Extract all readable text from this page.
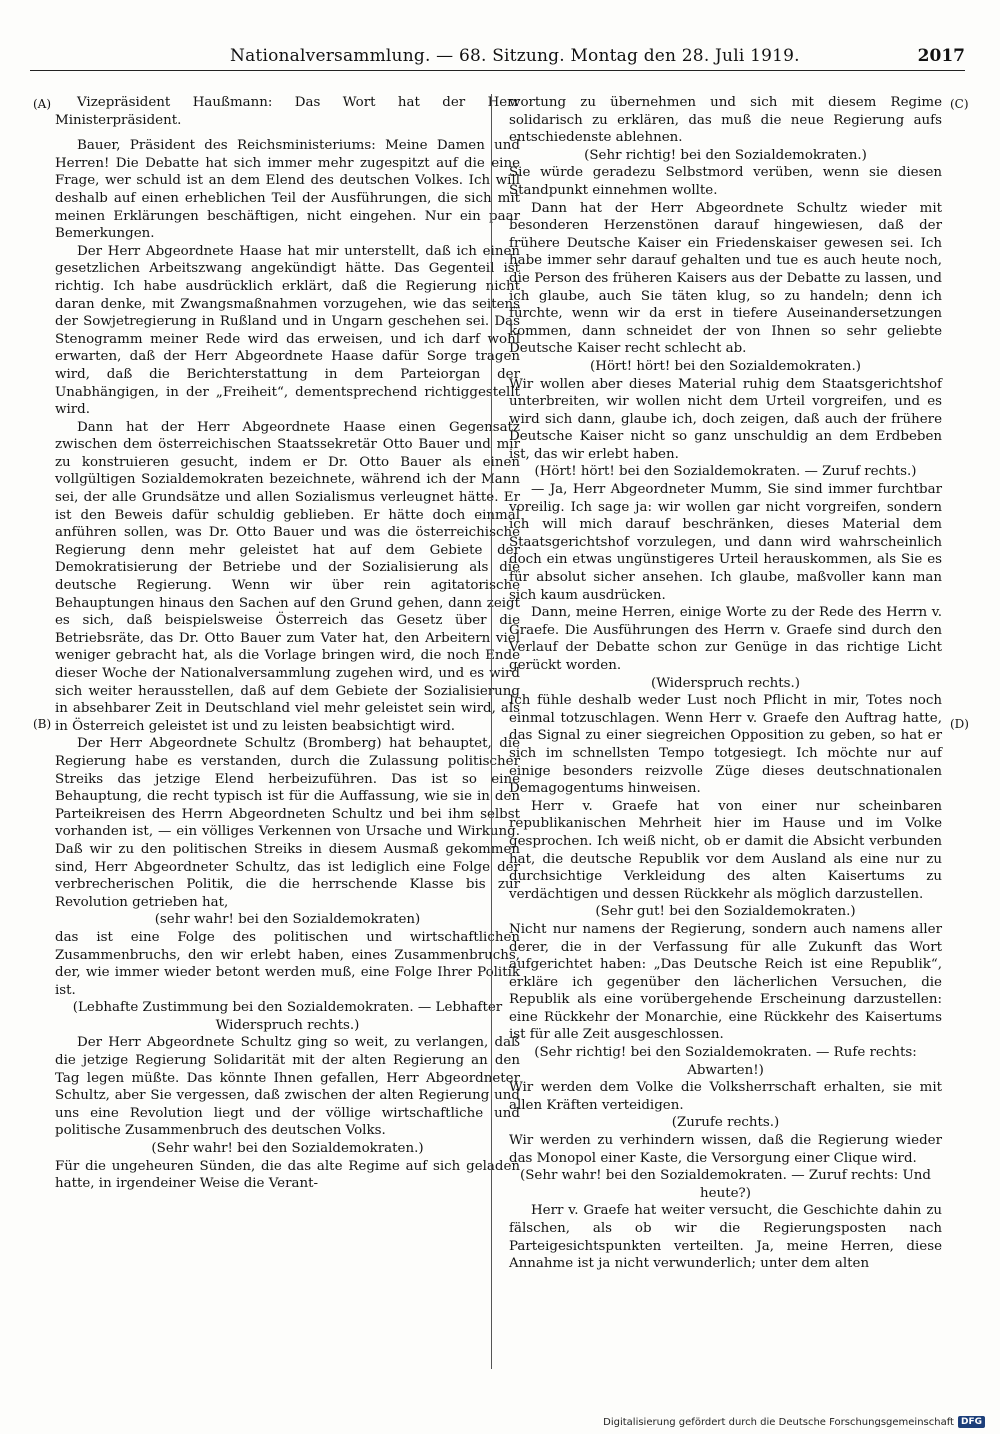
Nationalversammlung. — 68. Sitzung. Montag den 28. Juli 1919.	2017
(A)
(B)
(C)
(D)

Vizepräsident Haußmann: Das Wort hat der Herr Ministerpräsident.

Bauer, Präsident des Reichsministeriums: Meine Damen und Herren! Die Debatte hat sich immer mehr zugespitzt auf die eine Frage, wer schuld ist an dem Elend des deutschen Volkes. Ich will deshalb auf einen erheblichen Teil der Ausführungen, die sich mit meinen Erklärungen beschäftigen, nicht eingehen. Nur ein paar Bemerkungen.

Der Herr Abgeordnete Haase hat mir unterstellt, daß ich einen gesetzlichen Arbeitszwang angekündigt hätte. Das Gegenteil ist richtig. Ich habe ausdrücklich erklärt, daß die Regierung nicht daran denke, mit Zwangsmaßnahmen vorzugehen, wie das seitens der Sowjetregierung in Rußland und in Ungarn geschehen sei. Das Stenogramm meiner Rede wird das erweisen, und ich darf wohl erwarten, daß der Herr Abgeordnete Haase dafür Sorge tragen wird, daß die Berichterstattung in dem Parteiorgan der Unabhängigen, in der „Freiheit“, dementsprechend richtiggestellt wird.

Dann hat der Herr Abgeordnete Haase einen Gegensatz zwischen dem österreichischen Staatssekretär Otto Bauer und mir zu konstruieren gesucht, indem er Dr. Otto Bauer als einen vollgültigen Sozialdemokraten bezeichnete, während ich der Mann sei, der alle Grundsätze und allen Sozialismus verleugnet hätte. Er ist den Beweis dafür schuldig geblieben. Er hätte doch einmal anführen sollen, was Dr. Otto Bauer und was die österreichische Regierung denn mehr geleistet hat auf dem Gebiete der Demokratisierung der Betriebe und der Sozialisierung als die deutsche Regierung. Wenn wir über rein agitatorische Behauptungen hinaus den Sachen auf den Grund gehen, dann zeigt es sich, daß beispielsweise Österreich das Gesetz über die Betriebsräte, das Dr. Otto Bauer zum Vater hat, den Arbeitern viel weniger gebracht hat, als die Vorlage bringen wird, die noch Ende dieser Woche der Nationalversammlung zugehen wird, und es wird sich weiter herausstellen, daß auf dem Gebiete der Sozialisierung in absehbarer Zeit in Deutschland viel mehr geleistet sein wird, als in Österreich geleistet ist und zu leisten beabsichtigt wird.

Der Herr Abgeordnete Schultz (Bromberg) hat behauptet, die Regierung habe es verstanden, durch die Zulassung politischer Streiks das jetzige Elend herbeizuführen. Das ist so eine Behauptung, die recht typisch ist für die Auffassung, wie sie in den Parteikreisen des Herrn Abgeordneten Schultz und bei ihm selbst vorhanden ist, — ein völliges Verkennen von Ursache und Wirkung. Daß wir zu den politischen Streiks in diesem Ausmaß gekommen sind, Herr Abgeordneter Schultz, das ist lediglich eine Folge der verbrecherischen Politik, die die herrschende Klasse bis zur Revolution getrieben hat,

(sehr wahr! bei den Sozialdemokraten)

das ist eine Folge des politischen und wirtschaftlichen Zusammenbruchs, den wir erlebt haben, eines Zusammenbruchs, der, wie immer wieder betont werden muß, eine Folge Ihrer Politik ist.

(Lebhafte Zustimmung bei den Sozialdemokraten. — Lebhafter Widerspruch rechts.)

Der Herr Abgeordnete Schultz ging so weit, zu verlangen, daß die jetzige Regierung Solidarität mit der alten Regierung an den Tag legen müßte. Das könnte Ihnen gefallen, Herr Abgeordneter Schultz, aber Sie vergessen, daß zwischen der alten Regierung und uns eine Revolution liegt und der völlige wirtschaftliche und politische Zusammenbruch des deutschen Volks.

(Sehr wahr! bei den Sozialdemokraten.)

Für die ungeheuren Sünden, die das alte Regime auf sich geladen hatte, in irgendeiner Weise die Verant-

wortung zu übernehmen und sich mit diesem Regime solidarisch zu erklären, das muß die neue Regierung aufs entschiedenste ablehnen.

(Sehr richtig! bei den Sozialdemokraten.)

Sie würde geradezu Selbstmord verüben, wenn sie diesen Standpunkt einnehmen wollte.

Dann hat der Herr Abgeordnete Schultz wieder mit besonderen Herzenstönen darauf hingewiesen, daß der frühere Deutsche Kaiser ein Friedenskaiser gewesen sei. Ich habe immer sehr darauf gehalten und tue es auch heute noch, die Person des früheren Kaisers aus der Debatte zu lassen, und ich glaube, auch Sie täten klug, so zu handeln; denn ich fürchte, wenn wir da erst in tiefere Auseinandersetzungen kommen, dann schneidet der von Ihnen so sehr geliebte Deutsche Kaiser recht schlecht ab.

(Hört! hört! bei den Sozialdemokraten.)

Wir wollen aber dieses Material ruhig dem Staatsgerichtshof unterbreiten, wir wollen nicht dem Urteil vorgreifen, und es wird sich dann, glaube ich, doch zeigen, daß auch der frühere Deutsche Kaiser nicht so ganz unschuldig an dem Erdbeben ist, das wir erlebt haben.

(Hört! hört! bei den Sozialdemokraten. — Zuruf rechts.)

— Ja, Herr Abgeordneter Mumm, Sie sind immer furchtbar voreilig. Ich sage ja: wir wollen gar nicht vorgreifen, sondern ich will mich darauf beschränken, dieses Material dem Staatsgerichtshof vorzulegen, und dann wird wahrscheinlich doch ein etwas ungünstigeres Urteil herauskommen, als Sie es für absolut sicher ansehen. Ich glaube, maßvoller kann man sich kaum ausdrücken.

Dann, meine Herren, einige Worte zu der Rede des Herrn v. Graefe. Die Ausführungen des Herrn v. Graefe sind durch den Verlauf der Debatte schon zur Genüge in das richtige Licht gerückt worden.

(Widerspruch rechts.)

Ich fühle deshalb weder Lust noch Pflicht in mir, Totes noch einmal totzuschlagen. Wenn Herr v. Graefe den Auftrag hatte, das Signal zu einer siegreichen Opposition zu geben, so hat er sich im schnellsten Tempo totgesiegt. Ich möchte nur auf einige besonders reizvolle Züge dieses deutschnationalen Demagogentums hinweisen.

Herr v. Graefe hat von einer nur scheinbaren republikanischen Mehrheit hier im Hause und im Volke gesprochen. Ich weiß nicht, ob er damit die Absicht verbunden hat, die deutsche Republik vor dem Ausland als eine nur zu durchsichtige Verkleidung des alten Kaisertums zu verdächtigen und dessen Rückkehr als möglich darzustellen.

(Sehr gut! bei den Sozialdemokraten.)

Nicht nur namens der Regierung, sondern auch namens aller derer, die in der Verfassung für alle Zukunft das Wort aufgerichtet haben: „Das Deutsche Reich ist eine Republik“, erkläre ich gegenüber den lächerlichen Versuchen, die Republik als eine vorübergehende Erscheinung darzustellen: eine Rückkehr der Monarchie, eine Rückkehr des Kaisertums ist für alle Zeit ausgeschlossen.

(Sehr richtig! bei den Sozialdemokraten. — Rufe rechts: Abwarten!)

Wir werden dem Volke die Volksherrschaft erhalten, sie mit allen Kräften verteidigen.

(Zurufe rechts.)

Wir werden zu verhindern wissen, daß die Regierung wieder das Monopol einer Kaste, die Versorgung einer Clique wird.

(Sehr wahr! bei den Sozialdemokraten. — Zuruf rechts: Und heute?)

Herr v. Graefe hat weiter versucht, die Geschichte dahin zu fälschen, als ob wir die Regierungsposten nach Parteigesichtspunkten verteilten. Ja, meine Herren, diese Annahme ist ja nicht verwunderlich; unter dem alten

Digitalisierung gefördert durch die Deutsche Forschungsgemeinschaft DFG
